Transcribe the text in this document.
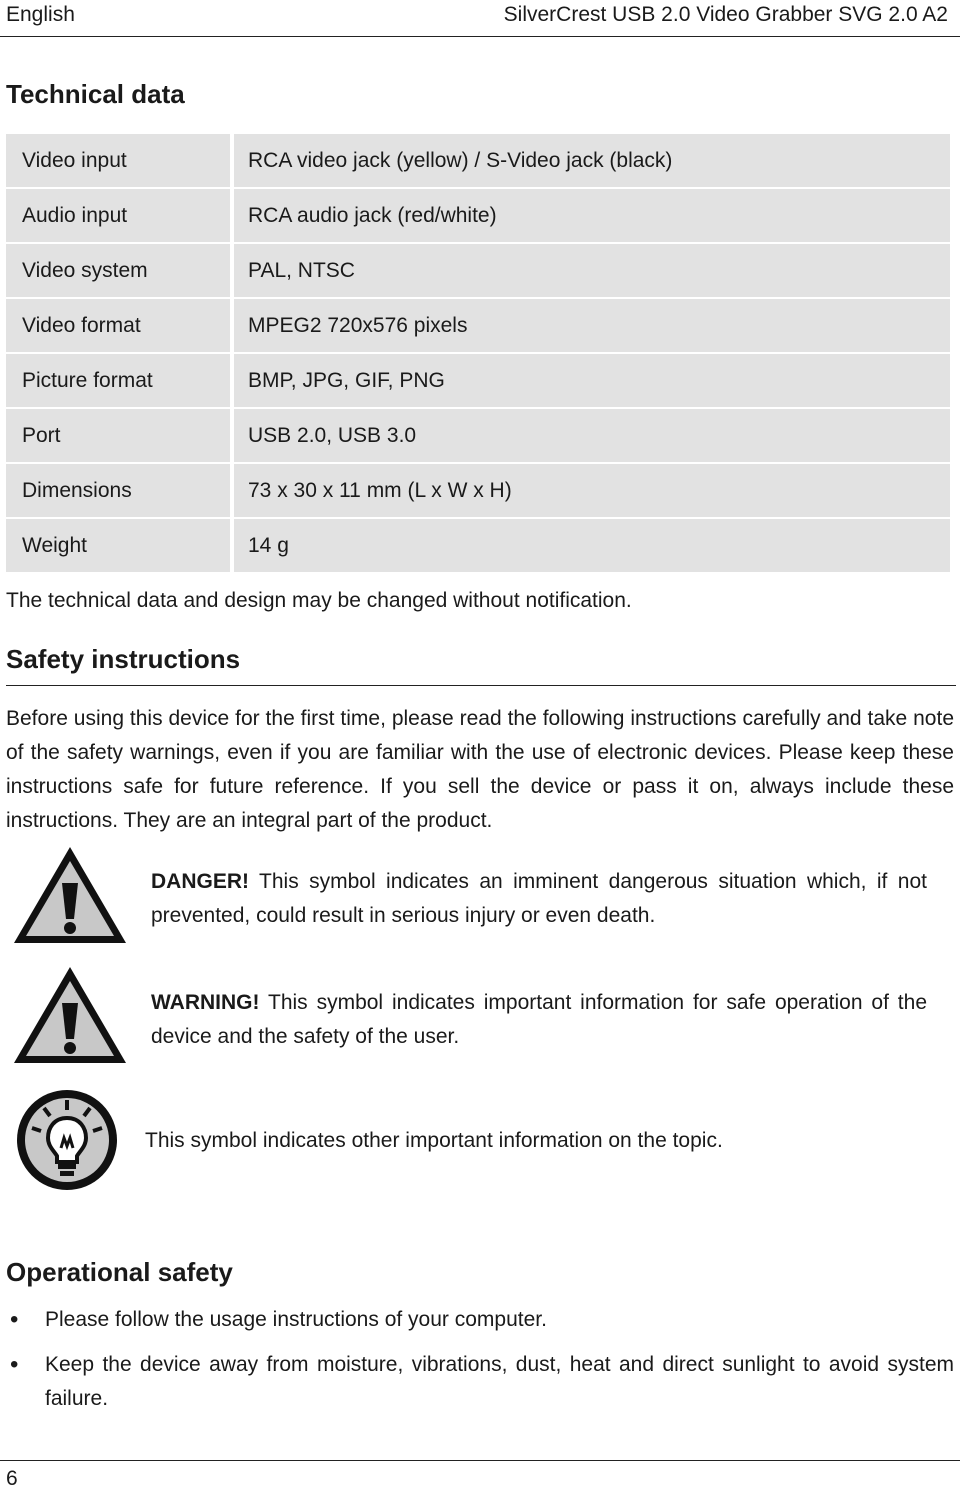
English	SilverCrest USB 2.0 Video Grabber SVG 2.0 A2
Technical data
Video input	RCA video jack (yellow) / S-Video jack (black)
Audio input	RCA audio jack (red/white)
Video system	PAL, NTSC
Video format	MPEG2 720x576 pixels
Picture format	BMP, JPG, GIF, PNG
Port	USB 2.0, USB 3.0
Dimensions	73 x 30 x 11 mm (L x W x H)
Weight	14 g

The technical data and design may be changed without notification.

Safety instructions

Before using this device for the first time, please read the following instructions carefully and take note of the safety warnings, even if you are familiar with the use of electronic devices. Please keep these instructions safe for future reference. If you sell the device or pass it on, always include these instructions. They are an integral part of the product.

DANGER! This symbol indicates an imminent dangerous situation which, if not prevented, could result in serious injury or even death.

WARNING! This symbol indicates important information for safe operation of the device and the safety of the user.

This symbol indicates other important information on the topic.

Operational safety
• Please follow the usage instructions of your computer.
• Keep the device away from moisture, vibrations, dust, heat and direct sunlight to avoid system failure.
6
